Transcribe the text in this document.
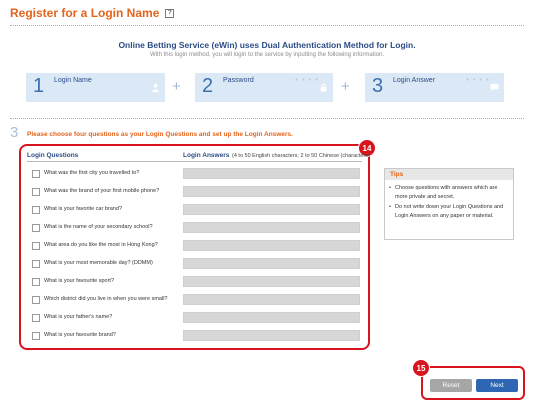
Register for a Login Name	?
Online Betting Service (eWin) uses Dual Authentication Method for Login.
With this login method, you will login to the service by inputting the following information.
1 Login Name	+ 2 Password	* * * * + 3 Login Answer	* * * *
3 Please choose four questions as your Login Questions and set up the Login Answers.
14
Login Questions	Login Answers (4 to 50 English characters; 2 to 50 Chinese (characters)
What was the first city you travelled to?
What was the brand of your first mobile phone?
What is your favorite car brand?
What is the name of your secondary school?
What area do you like the most in Hong Kong?
What is your most memorable day? (DDMM)
What is your favourite sport?
Which district did you live in when you were small?
What is your father's name?
What is your favourite brand?
Tips
• Choose questions with answers which are more private and secret.
• Do not write down your Login Questions and Login Answers on any paper or material.
15
Reset	Next
